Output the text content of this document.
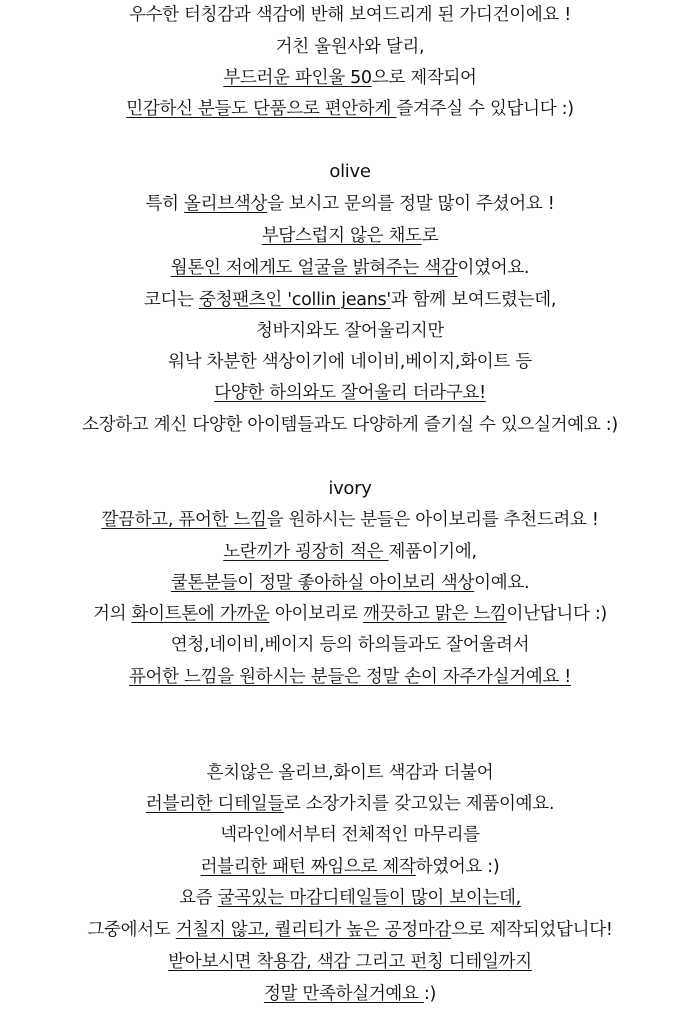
우수한 터칭감과 색감에 반해 보여드리게 된 가디건이에요 !
거친 울원사와 달리,
부드러운 파인울 50으로 제작되어
민감하신 분들도 단품으로 편안하게 즐겨주실 수 있답니다 :)
olive
특히 올리브색상을 보시고 문의를 정말 많이 주셨어요 !
부담스럽지 않은 채도로
웜톤인 저에게도 얼굴을 밝혀주는 색감이였어요.
코디는 중청팬츠인 'collin jeans'과 함께 보여드렸는데,
청바지와도 잘어울리지만
워낙 차분한 색상이기에 네이비,베이지,화이트 등
다양한 하의와도 잘어울리 더라구요!
소장하고 계신 다양한 아이템들과도 다양하게 즐기실 수 있으실거예요 :)
ivory
깔끔하고, 퓨어한 느낌을 원하시는 분들은 아이보리를 추천드려요 !
노란끼가 굉장히 적은 제품이기에,
쿨톤분들이 정말 좋아하실 아이보리 색상이예요.
거의 화이트톤에 가까운 아이보리로 깨끗하고 맑은 느낌이난답니다 :)
연청,네이비,베이지 등의 하의들과도 잘어울려서
퓨어한 느낌을 원하시는 분들은 정말 손이 자주가실거예요 !
흔치않은 올리브,화이트 색감과 더불어
러블리한 디테일들로 소장가치를 갖고있는 제품이예요.
넥라인에서부터 전체적인 마무리를
러블리한 패턴 짜임으로 제작하였어요 :)
요즘 굴곡있는 마감디테일들이 많이 보이는데,
그중에서도 거칠지 않고, 퀄리티가 높은 공정마감으로 제작되었답니다!
받아보시면 착용감, 색감 그리고 펀칭 디테일까지
정말 만족하실거예요 :)
